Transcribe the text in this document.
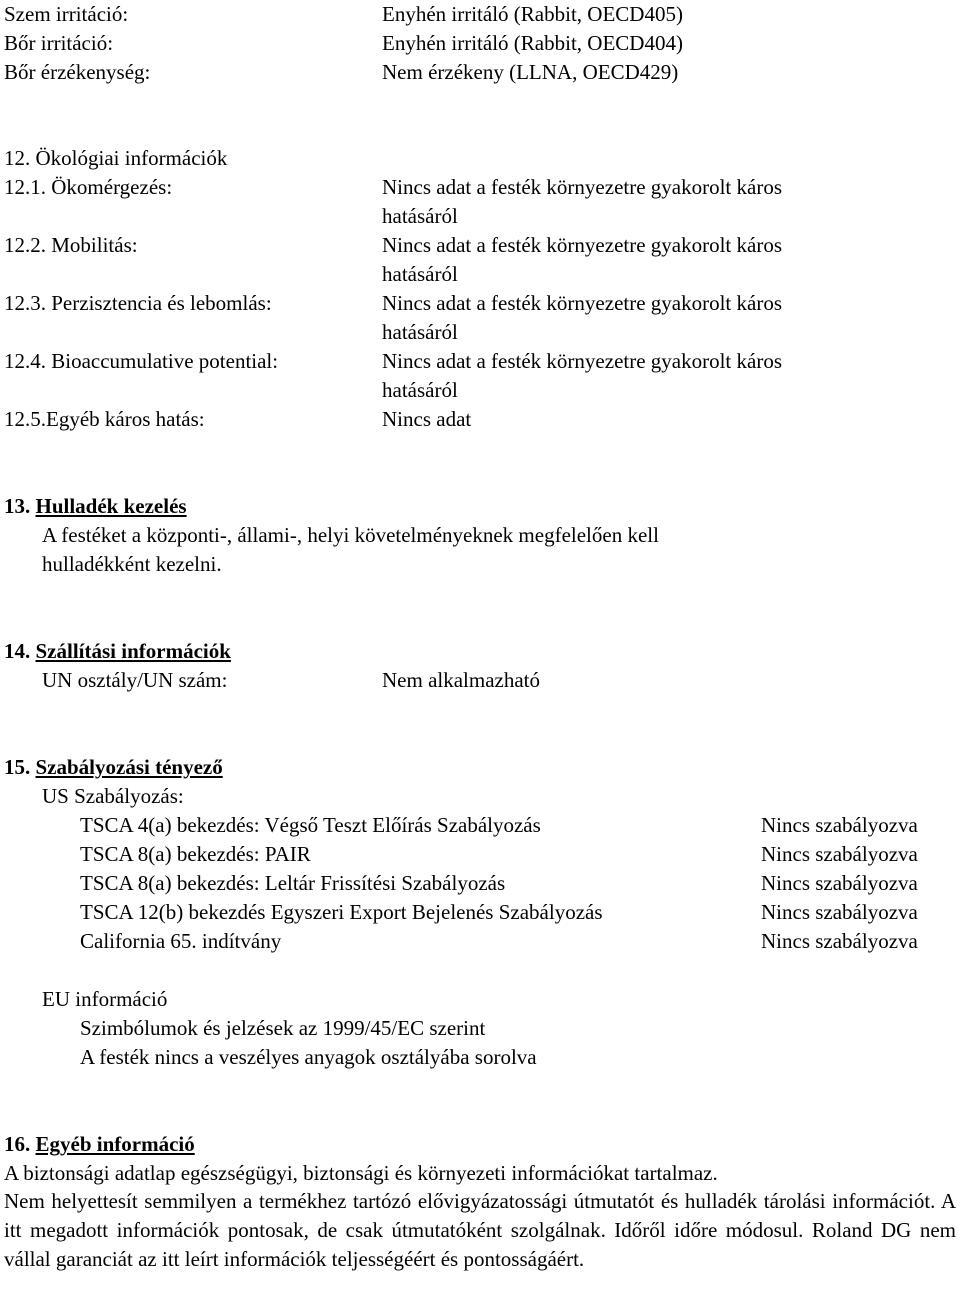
Szem irritáció:	Enyhén irritáló (Rabbit, OECD405)
Bőr irritáció:	Enyhén irritáló (Rabbit, OECD404)
Bőr érzékenység:	Nem érzékeny (LLNA, OECD429)
12. Ökológiai információk
12.1. Ökomérgezés:	Nincs adat a festék környezetre gyakorolt káros
hatásáról
12.2. Mobilitás:	Nincs adat a festék környezetre gyakorolt káros
hatásáról
12.3. Perzisztencia és lebomlás:	Nincs adat a festék környezetre gyakorolt káros
hatásáról
12.4. Bioaccumulative potential:	Nincs adat a festék környezetre gyakorolt káros
hatásáról
12.5.Egyéb káros hatás:	Nincs adat
13. Hulladék kezelés
A festéket a központi-, állami-, helyi követelményeknek megfelelően kell
hulladékként kezelni.
14. Szállítási információk
UN osztály/UN szám:	Nem alkalmazható
15. Szabályozási tényező
US Szabályozás:
TSCA 4(a) bekezdés: Végső Teszt Előírás Szabályozás	Nincs szabályozva
TSCA 8(a) bekezdés: PAIR	Nincs szabályozva
TSCA 8(a) bekezdés: Leltár Frissítési Szabályozás	Nincs szabályozva
TSCA 12(b) bekezdés Egyszeri Export Bejelenés Szabályozás	Nincs szabályozva
California 65. indítvány	Nincs szabályozva
EU információ
Szimbólumok és jelzések az 1999/45/EC szerint
A festék nincs a veszélyes anyagok osztályába sorolva
16. Egyéb információ
A biztonsági adatlap egészségügyi, biztonsági és környezeti információkat tartalmaz.
Nem helyettesít semmilyen a termékhez tartózó elővigyázatossági útmutatót és hulladék tárolási információt. A itt megadott információk pontosak, de csak útmutatóként szolgálnak. Időről időre módosul. Roland DG nem vállal garanciát az itt leírt információk teljességéért és pontosságáért.
